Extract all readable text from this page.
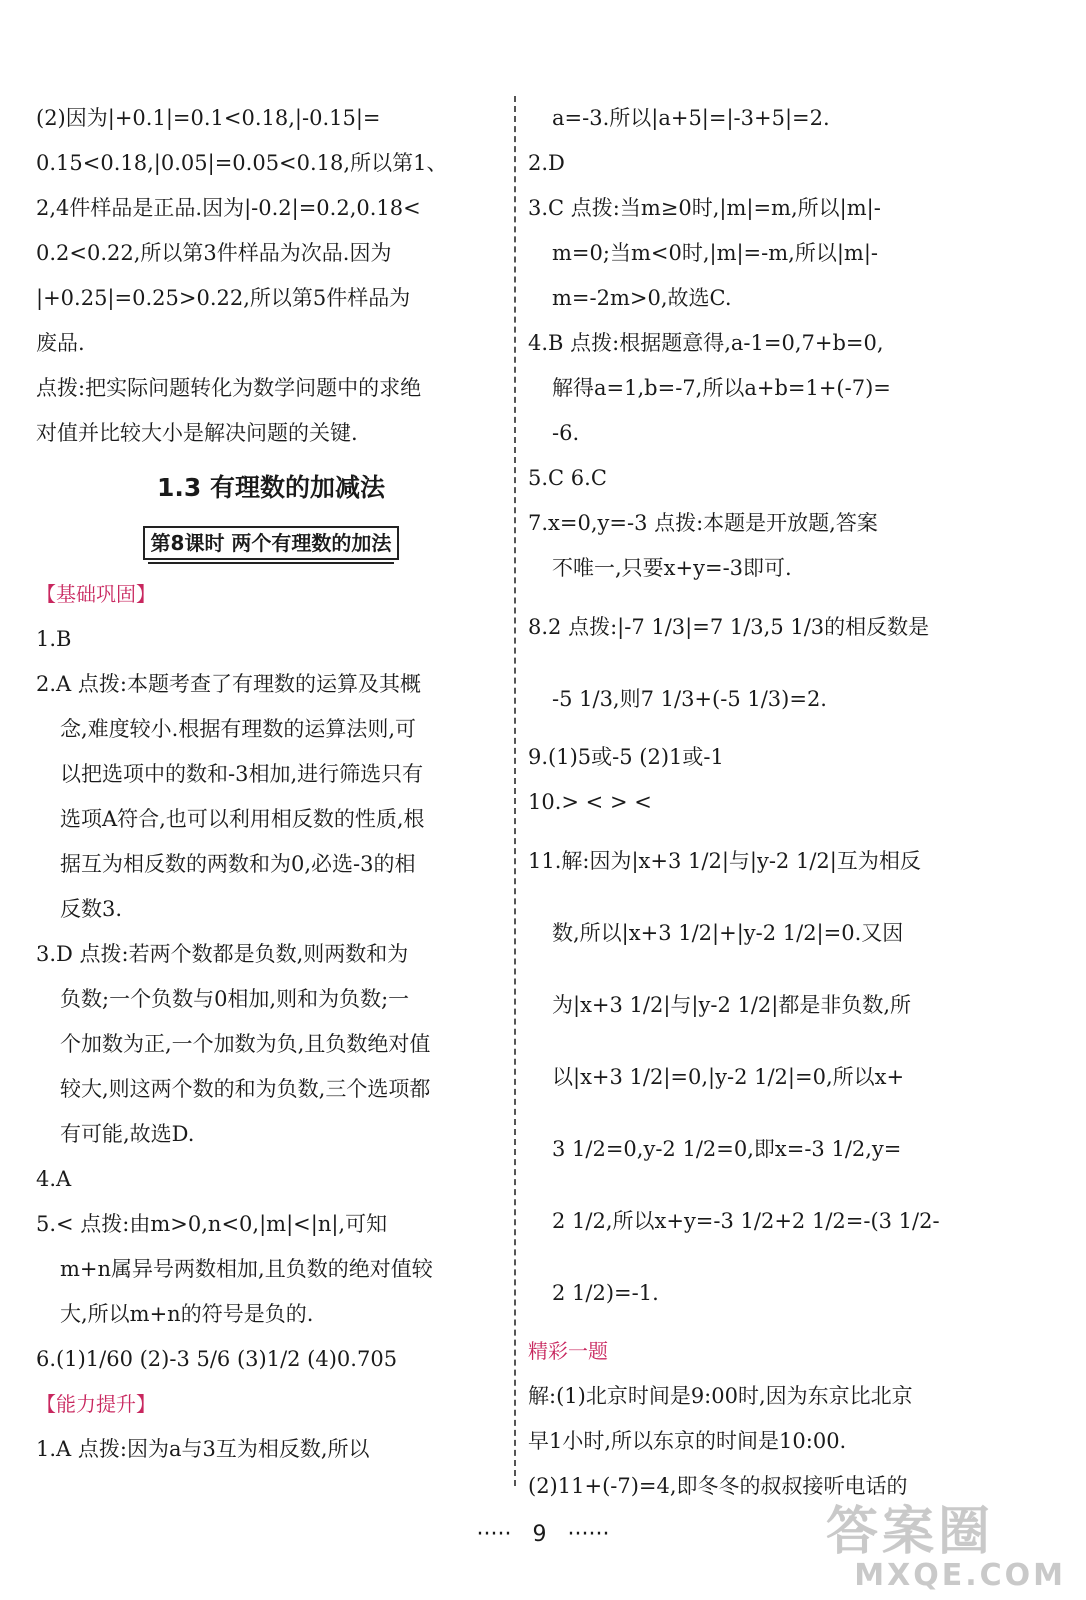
(2)因为|+0.1|=0.1<0.18,|-0.15|=
0.15<0.18,|0.05|=0.05<0.18,所以第1、
2,4件样品是正品.因为|-0.2|=0.2,0.18<
0.2<0.22,所以第3件样品为次品.因为
|+0.25|=0.25>0.22,所以第5件样品为
废品.
点拨:把实际问题转化为数学问题中的求绝
对值并比较大小是解决问题的关键.
1.3 有理数的加减法
第8课时 两个有理数的加法
【基础巩固】
1.B
2.A 点拨:本题考查了有理数的运算及其概
念,难度较小.根据有理数的运算法则,可
以把选项中的数和-3相加,进行筛选只有
选项A符合,也可以利用相反数的性质,根
据互为相反数的两数和为0,必选-3的相
反数3.
3.D 点拨:若两个数都是负数,则两数和为
负数;一个负数与0相加,则和为负数;一
个加数为正,一个加数为负,且负数绝对值
较大,则这两个数的和为负数,三个选项都
有可能,故选D.
4.A
5.< 点拨:由m>0,n<0,|m|<|n|,可知
m+n属异号两数相加,且负数的绝对值较
大,所以m+n的符号是负的.
6.(1)1/60 (2)-3 5/6 (3)1/2 (4)0.705
【能力提升】
1.A 点拨:因为a与3互为相反数,所以
a=-3.所以|a+5|=|-3+5|=2.
2.D
3.C 点拨:当m≥0时,|m|=m,所以|m|-
m=0;当m<0时,|m|=-m,所以|m|-
m=-2m>0,故选C.
4.B 点拨:根据题意得,a-1=0,7+b=0,
解得a=1,b=-7,所以a+b=1+(-7)=
-6.
5.C 6.C
7.x=0,y=-3 点拨:本题是开放题,答案
不唯一,只要x+y=-3即可.
8.2 点拨:|-7 1/3|=7 1/3,5 1/3的相反数是
-5 1/3,则7 1/3+(-5 1/3)=2.
9.(1)5或-5 (2)1或-1
10.> < > <
11.解:因为|x+3 1/2|与|y-2 1/2|互为相反
数,所以|x+3 1/2|+|y-2 1/2|=0.又因
为|x+3 1/2|与|y-2 1/2|都是非负数,所
以|x+3 1/2|=0,|y-2 1/2|=0,所以x+
3 1/2=0,y-2 1/2=0,即x=-3 1/2,y=
2 1/2,所以x+y=-3 1/2+2 1/2=-(3 1/2-
2 1/2)=-1.
精彩一题
解:(1)北京时间是9:00时,因为东京比北京
早1小时,所以东京的时间是10:00.
(2)11+(-7)=4,即冬冬的叔叔接听电话的
····· 9 ······	答案圈
MXQE.COM
